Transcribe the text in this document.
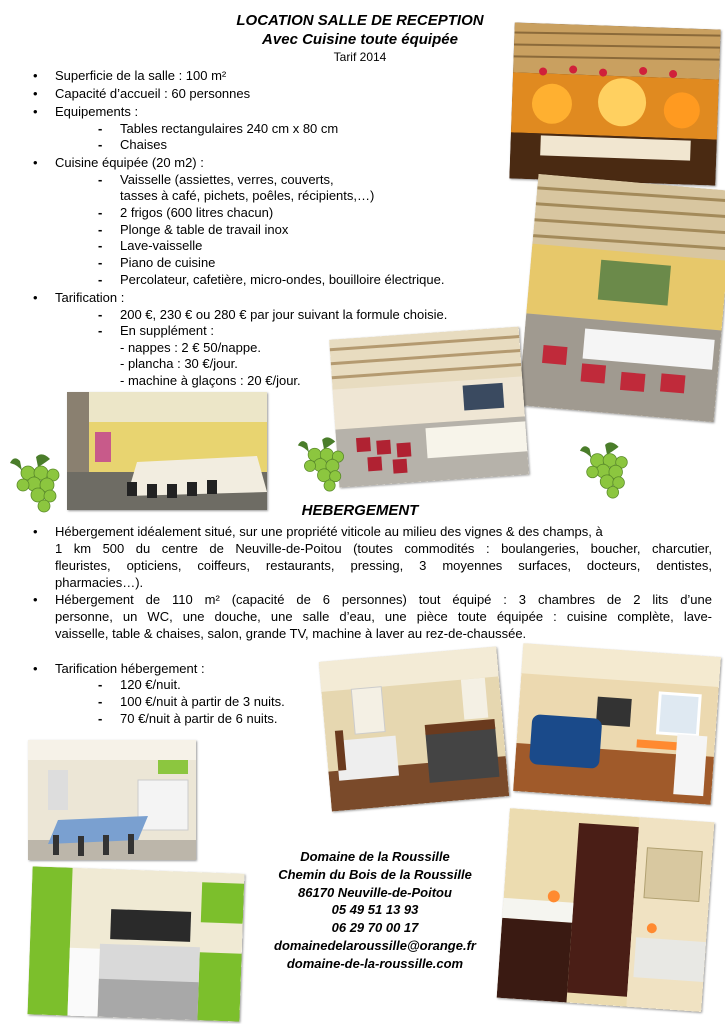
LOCATION SALLE DE RECEPTION
Avec Cuisine toute équipée
Tarif 2014
• Superficie de la salle : 100 m²
• Capacité d’accueil : 60 personnes
• Equipements :
- Tables rectangulaires 240 cm x 80 cm
- Chaises
• Cuisine équipée (20 m2) :
- Vaisselle (assiettes, verres, couverts,
tasses à café, pichets, poêles, récipients,…)
- 2 frigos (600 litres chacun)
- Plonge & table de travail inox
- Lave-vaisselle
- Piano de cuisine
- Percolateur, cafetière, micro-ondes, bouilloire électrique.
• Tarification :
- 200 €, 230 € ou 280 € par jour suivant la formule choisie.
- En supplément :
- nappes : 2 € 50/nappe.
- plancha : 30 €/jour.
- machine à glaçons : 20 €/jour.
HEBERGEMENT
• Hébergement idéalement situé, sur une propriété viticole au milieu des vignes & des champs, à
1 km 500 du centre de Neuville-de-Poitou (toutes commodités : boulangeries, boucher, charcutier,
fleuristes, opticiens, coiffeurs, restaurants, pressing, 3 moyennes surfaces, docteurs, dentistes,
pharmacies…).
• Hébergement de 110 m² (capacité de 6 personnes) tout équipé : 3 chambres de 2 lits d’une
personne, un WC, une douche, une salle d’eau, une pièce toute équipée : cuisine complète, lave-
vaisselle, table & chaises, salon, grande TV, machine à laver au rez-de-chaussée.
• Tarification hébergement :
- 120 €/nuit.
- 100 €/nuit à partir de 3 nuits.
- 70 €/nuit à partir de 6 nuits.
Domaine de la Roussille
Chemin du Bois de la Roussille
86170 Neuville-de-Poitou
05 49 51 13 93
06 29 70 00 17
domainedelaroussille@orange.fr
domaine-de-la-roussille.com
